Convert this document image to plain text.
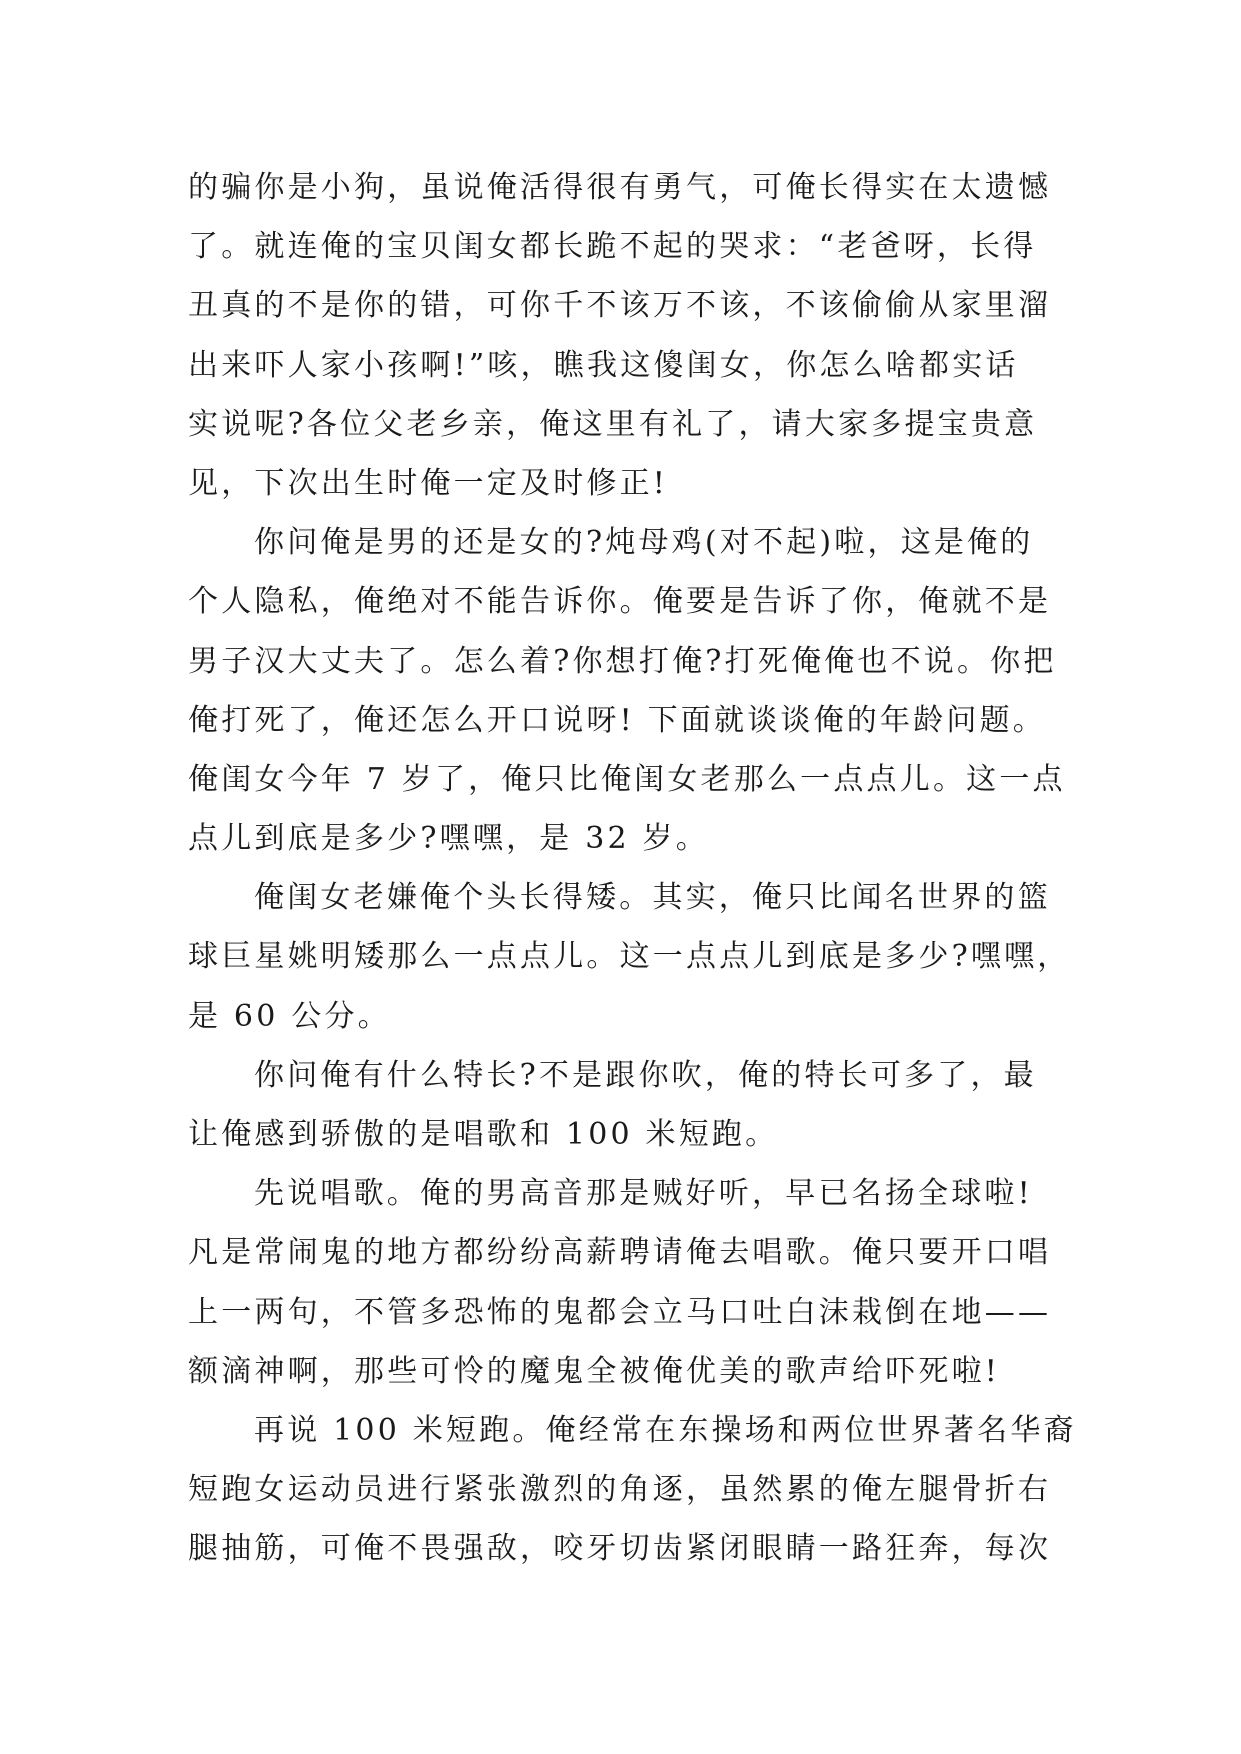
的骗你是小狗，虽说俺活得很有勇气，可俺长得实在太遗憾
了。就连俺的宝贝闺女都长跪不起的哭求：“老爸呀，长得
丑真的不是你的错，可你千不该万不该，不该偷偷从家里溜
出来吓人家小孩啊!”咳，瞧我这傻闺女，你怎么啥都实话
实说呢?各位父老乡亲，俺这里有礼了，请大家多提宝贵意
见，下次出生时俺一定及时修正!
你问俺是男的还是女的?炖母鸡(对不起)啦，这是俺的
个人隐私，俺绝对不能告诉你。俺要是告诉了你，俺就不是
男子汉大丈夫了。怎么着?你想打俺?打死俺俺也不说。你把
俺打死了，俺还怎么开口说呀! 下面就谈谈俺的年龄问题。
俺闺女今年 7 岁了，俺只比俺闺女老那么一点点儿。这一点
点儿到底是多少?嘿嘿，是 32 岁。
俺闺女老嫌俺个头长得矮。其实，俺只比闻名世界的篮
球巨星姚明矮那么一点点儿。这一点点儿到底是多少?嘿嘿，
是 60 公分。
你问俺有什么特长?不是跟你吹，俺的特长可多了，最
让俺感到骄傲的是唱歌和 100 米短跑。
先说唱歌。俺的男高音那是贼好听，早已名扬全球啦!
凡是常闹鬼的地方都纷纷高薪聘请俺去唱歌。俺只要开口唱
上一两句，不管多恐怖的鬼都会立马口吐白沫栽倒在地——
额滴神啊，那些可怜的魔鬼全被俺优美的歌声给吓死啦!
再说 100 米短跑。俺经常在东操场和两位世界著名华裔
短跑女运动员进行紧张激烈的角逐，虽然累的俺左腿骨折右
腿抽筋，可俺不畏强敌，咬牙切齿紧闭眼睛一路狂奔，每次
